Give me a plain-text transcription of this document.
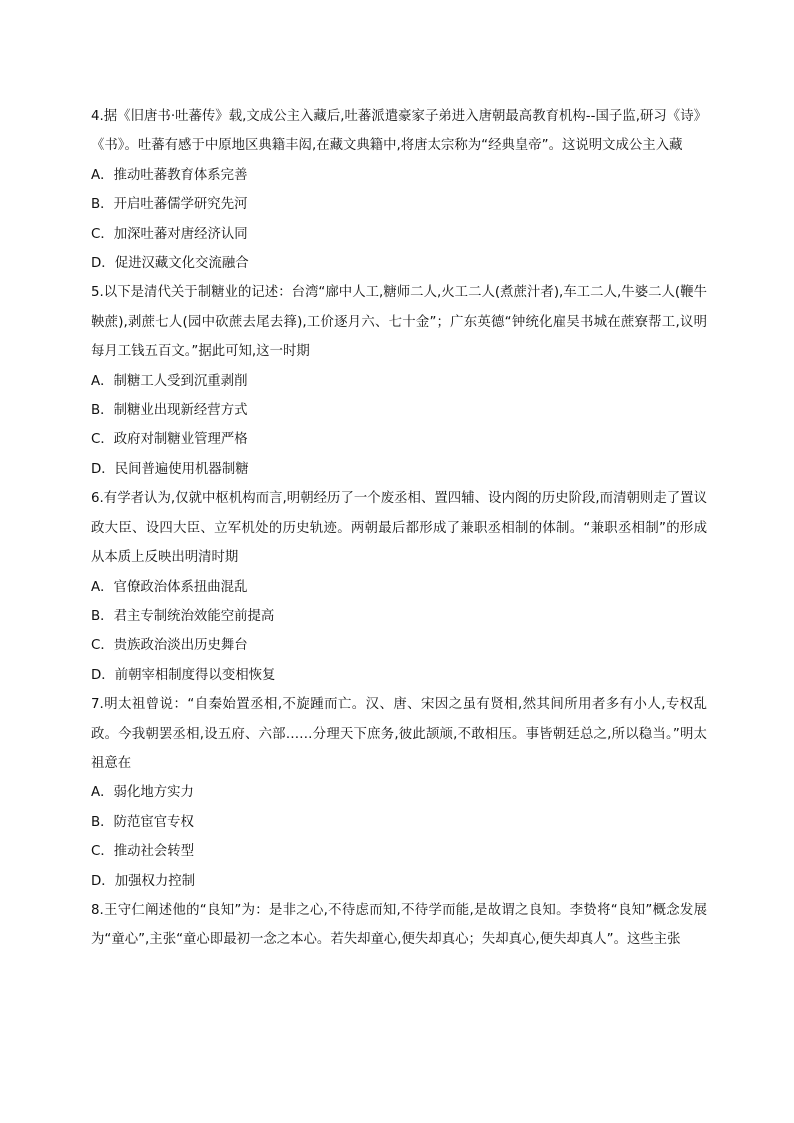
4.据《旧唐书·吐蕃传》载,文成公主入藏后,吐蕃派遣豪家子弟进入唐朝最高教育机构--国子监,研习《诗》《书》。吐蕃有感于中原地区典籍丰闳,在藏文典籍中,将唐太宗称为“经典皇帝”。这说明文成公主入藏

A．推动吐蕃教育体系完善

B．开启吐蕃儒学研究先河

C．加深吐蕃对唐经济认同

D．促进汉藏文化交流融合

5.以下是清代关于制糖业的记述：台湾“廍中人工,糖师二人,火工二人(煮蔗汁者),车工二人,牛婆二人(鞭牛鞅蔗),剥蔗七人(园中砍蔗去尾去箨),工价逐月六、七十金”；广东英德“钟统化雇吴书城在蔗寮帮工,议明每月工钱五百文。”据此可知,这一时期

A．制糖工人受到沉重剥削

B．制糖业出现新经营方式

C．政府对制糖业管理严格

D．民间普遍使用机器制糖

6.有学者认为,仅就中枢机构而言,明朝经历了一个废丞相、置四辅、设内阁的历史阶段,而清朝则走了置议政大臣、设四大臣、立军机处的历史轨迹。两朝最后都形成了兼职丞相制的体制。“兼职丞相制”的形成从本质上反映出明清时期

A．官僚政治体系扭曲混乱

B．君主专制统治效能空前提高

C．贵族政治淡出历史舞台

D．前朝宰相制度得以变相恢复

7.明太祖曾说：“自秦始置丞相,不旋踵而亡。汉、唐、宋因之虽有贤相,然其间所用者多有小人,专权乱政。今我朝罢丞相,设五府、六部……分理天下庶务,彼此颉颃,不敢相压。事皆朝廷总之,所以稳当。”明太祖意在

A．弱化地方实力

B．防范宦官专权

C．推动社会转型

D．加强权力控制

8.王守仁阐述他的“良知”为：是非之心,不待虑而知,不待学而能,是故谓之良知。李贽将“良知”概念发展为“童心”,主张“童心即最初一念之本心。若失却童心,便失却真心；失却真心,便失却真人”。这些主张
